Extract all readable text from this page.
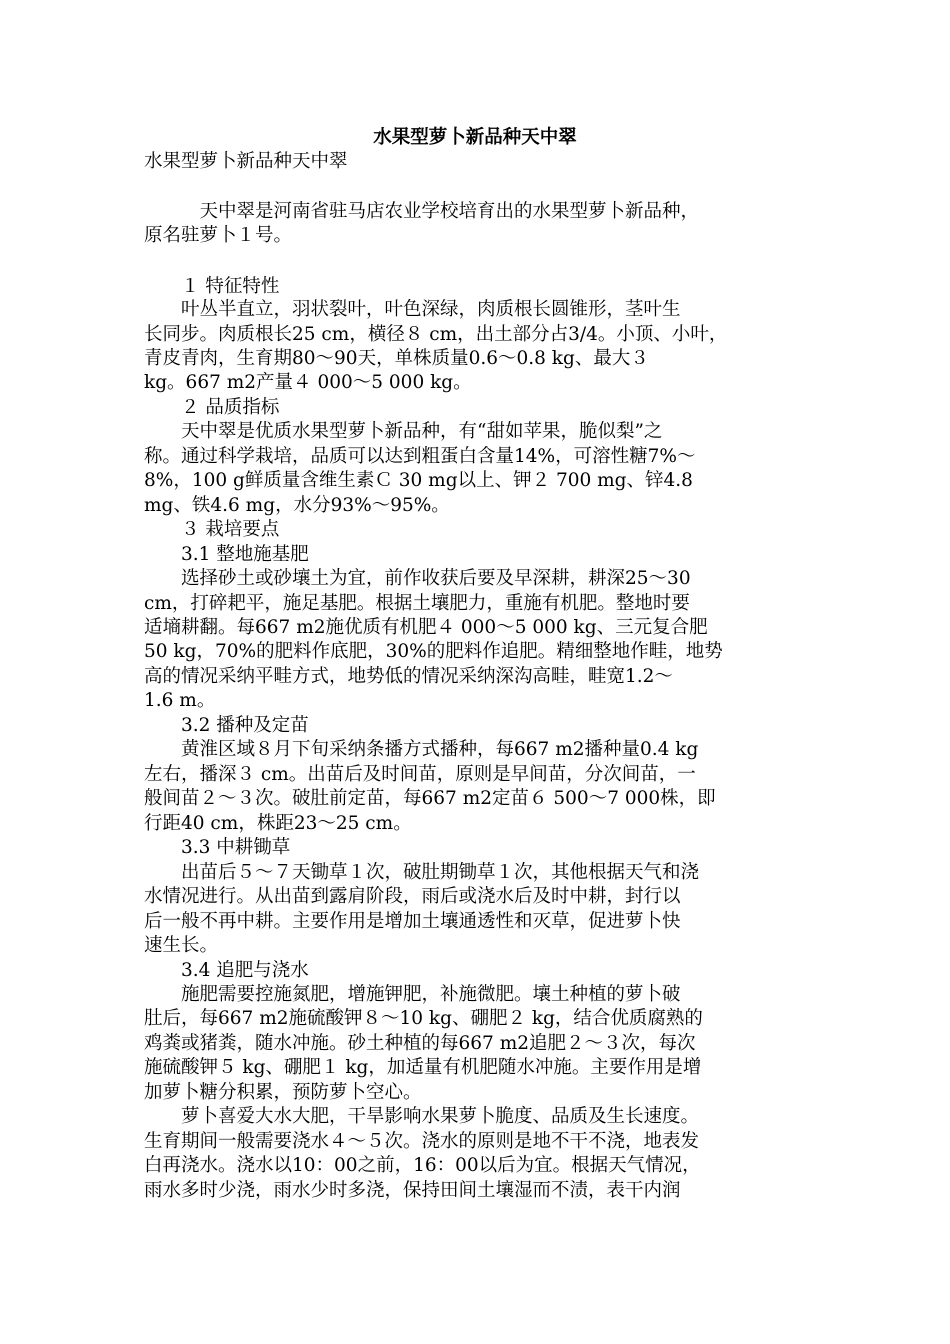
水果型萝卜新品种天中翠
水果型萝卜新品种天中翠
　　　天中翠是河南省驻马店农业学校培育出的水果型萝卜新品种，
原名驻萝卜１号。
　　１ 特征特性
　　叶丛半直立，羽状裂叶，叶色深绿，肉质根长圆锥形，茎叶生
长同步。肉质根长25 cm，横径８ cm，出土部分占3/4。小顶、小叶，
青皮青肉，生育期80～90天，单株质量0.6～0.8 kg、最大３
kg。667 m2产量４ 000～5 000 kg。
　　２ 品质指标
　　天中翠是优质水果型萝卜新品种，有“甜如苹果，脆似梨”之
称。通过科学栽培，品质可以达到粗蛋白含量14%，可溶性糖7%～
8%，100 g鲜质量含维生素Ｃ 30 mg以上、钾２ 700 mg、锌4.8
mg、铁4.6 mg，水分93%～95%。
　　３ 栽培要点
　　3.1 整地施基肥
　　选择砂土或砂壤土为宜，前作收获后要及早深耕，耕深25～30
cm，打碎耙平，施足基肥。根据土壤肥力，重施有机肥。整地时要
适墒耕翻。每667 m2施优质有机肥４ 000～5 000 kg、三元复合肥
50 kg，70%的肥料作底肥，30%的肥料作追肥。精细整地作畦，地势
高的情况采纳平畦方式，地势低的情况采纳深沟高畦，畦宽1.2～
1.6 m。
　　3.2 播种及定苗
　　黄淮区域８月下旬采纳条播方式播种，每667 m2播种量0.4 kg
左右，播深３ cm。出苗后及时间苗，原则是早间苗，分次间苗，一
般间苗２～３次。破肚前定苗，每667 m2定苗６ 500～7 000株，即
行距40 cm，株距23～25 cm。
　　3.3 中耕锄草
　　出苗后５～７天锄草１次，破肚期锄草１次，其他根据天气和浇
水情况进行。从出苗到露肩阶段，雨后或浇水后及时中耕，封行以
后一般不再中耕。主要作用是增加土壤通透性和灭草，促进萝卜快
速生长。
　　3.4 追肥与浇水
　　施肥需要控施氮肥，增施钾肥，补施微肥。壤土种植的萝卜破
肚后，每667 m2施硫酸钾８～10 kg、硼肥２ kg，结合优质腐熟的
鸡粪或猪粪，随水冲施。砂土种植的每667 m2追肥２～３次，每次
施硫酸钾５ kg、硼肥１ kg，加适量有机肥随水冲施。主要作用是增
加萝卜糖分积累，预防萝卜空心。
　　萝卜喜爱大水大肥，干旱影响水果萝卜脆度、品质及生长速度。
生育期间一般需要浇水４～５次。浇水的原则是地不干不浇，地表发
白再浇水。浇水以10：00之前，16：00以后为宜。根据天气情况，
雨水多时少浇，雨水少时多浇，保持田间土壤湿而不渍，表干内润
